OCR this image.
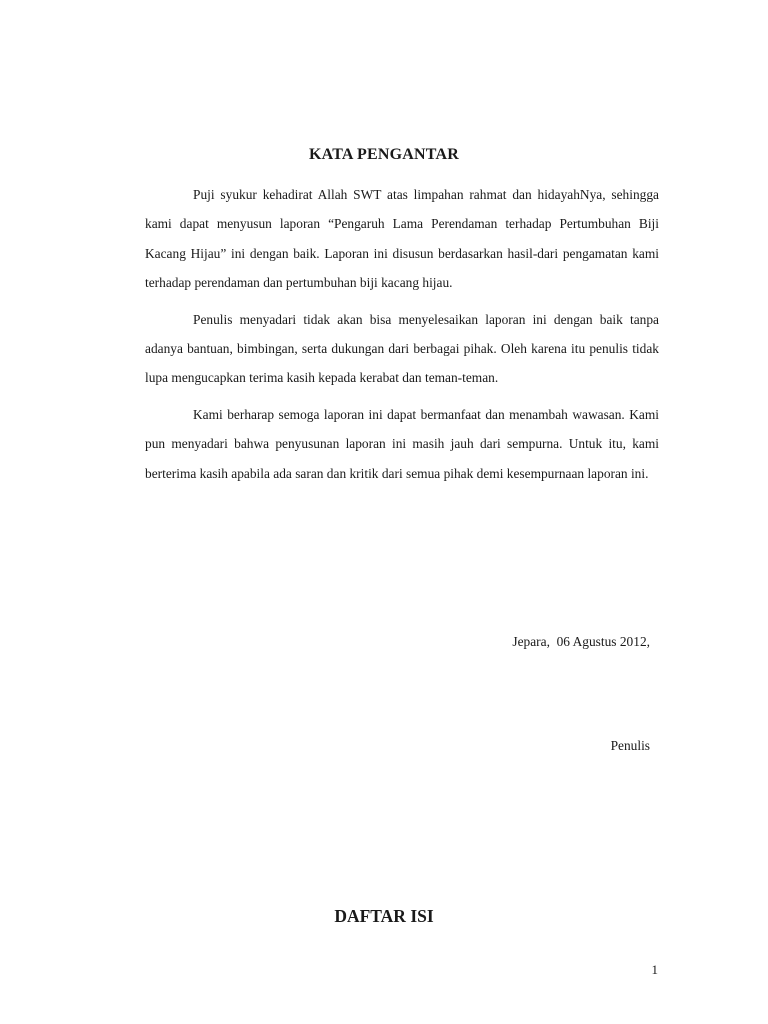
KATA PENGANTAR

Puji syukur kehadirat Allah SWT atas limpahan rahmat dan hidayahNya, sehingga kami dapat menyusun laporan “Pengaruh Lama Perendaman terhadap Pertumbuhan Biji Kacang Hijau” ini dengan baik. Laporan ini disusun berdasarkan hasil-dari pengamatan kami terhadap perendaman dan pertumbuhan biji kacang hijau.

Penulis menyadari tidak akan bisa menyelesaikan laporan ini dengan baik tanpa adanya bantuan, bimbingan, serta dukungan dari berbagai pihak. Oleh karena itu penulis tidak lupa mengucapkan terima kasih kepada kerabat dan teman-teman.

Kami berharap semoga laporan ini dapat bermanfaat dan menambah wawasan. Kami pun menyadari bahwa penyusunan laporan ini masih jauh dari sempurna. Untuk itu, kami berterima kasih apabila ada saran dan kritik dari semua pihak demi kesempurnaan laporan ini.

Jepara,  06 Agustus 2012,
Penulis
DAFTAR ISI
1
